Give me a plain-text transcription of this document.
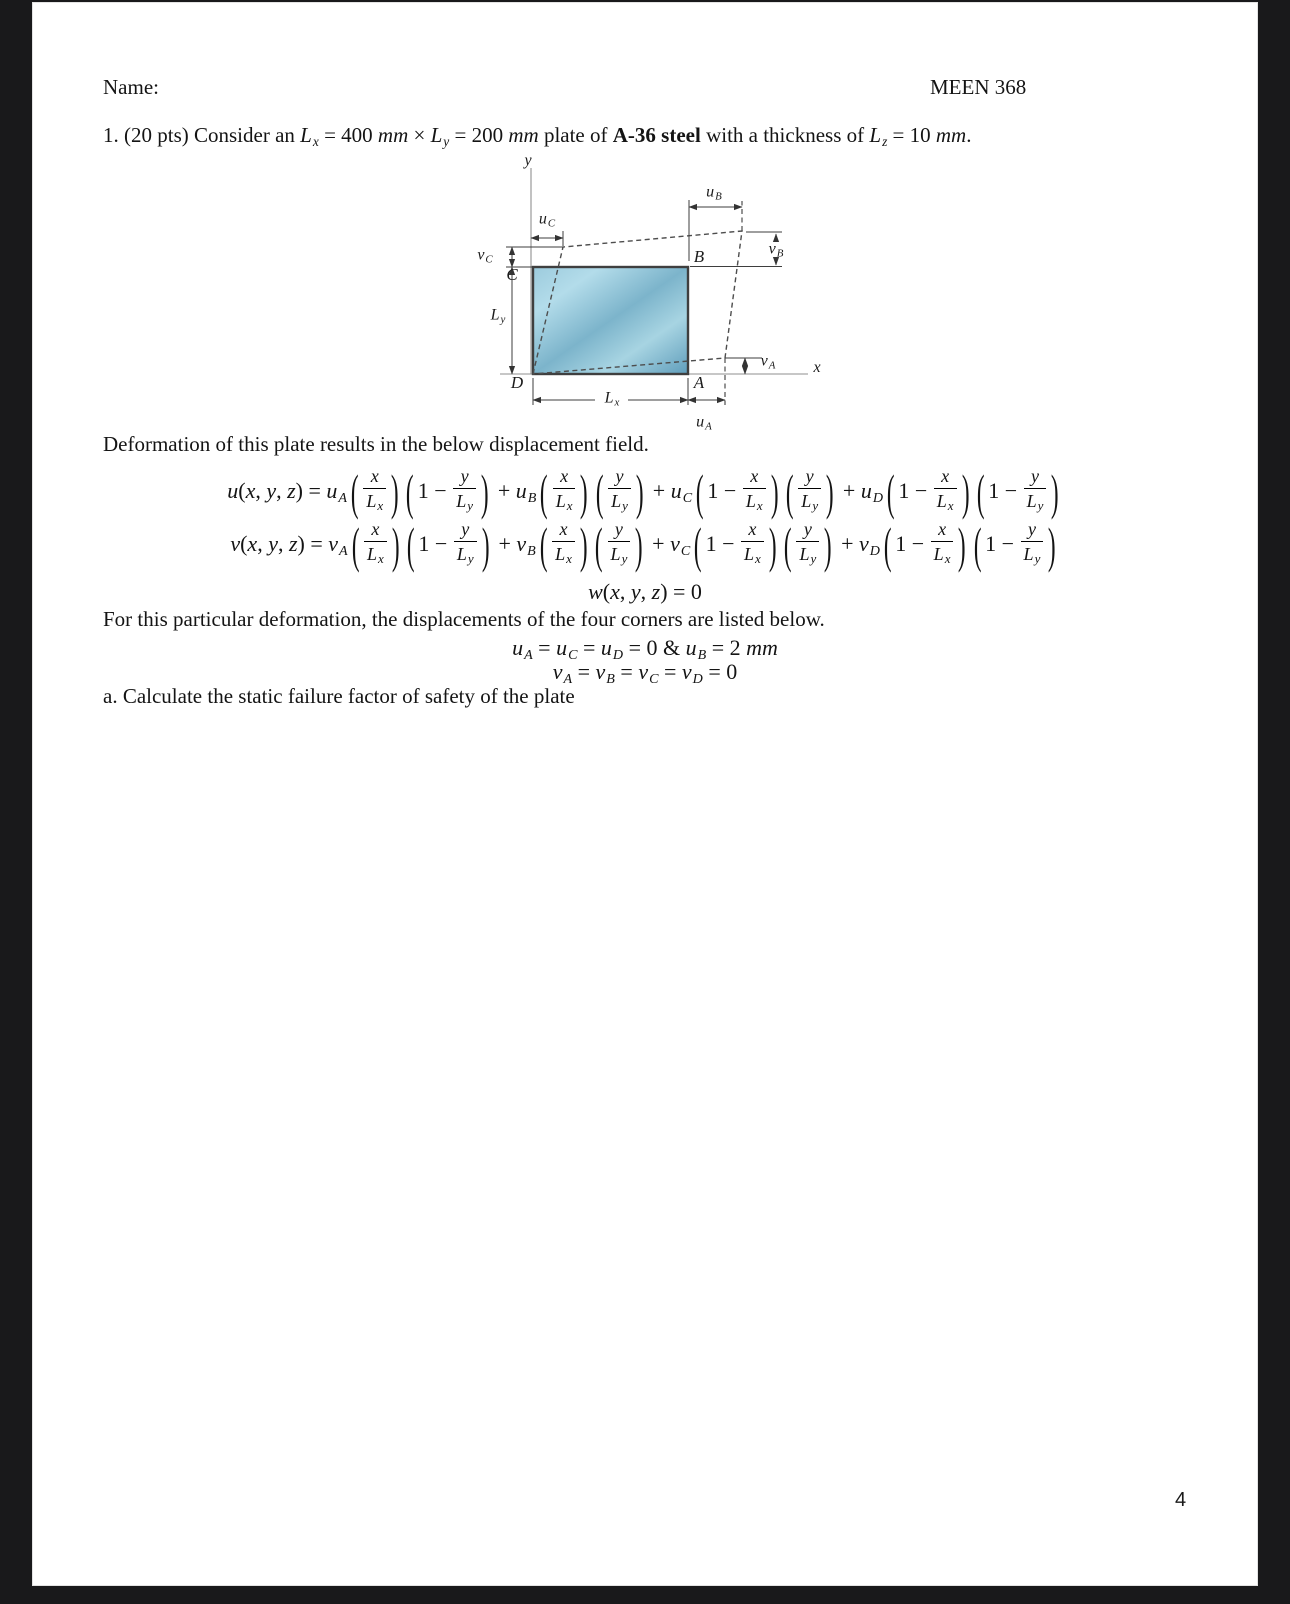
Name:	MEEN 368
1. (20 pts) Consider an Lx = 400 mm × Ly = 200 mm plate of A-36 steel with a thickness of Lz = 10 mm.
y
x
C
B
D	A
$u_C$
$u_B$
$u_A$
$v_C$
$v_B$
$v_A$
$L_y$
$L_x$
Deformation of this plate results in the below displacement field.
u(x, y, z) = uA ( $\frac{x}{L_x}$ ) ( $1 - \frac{y}{L_y}$ ) + uB ( $\frac{x}{L_x}$ ) ( $\frac{y}{L_y}$ ) + uC ( $1 - \frac{x}{L_x}$ ) ( $\frac{y}{L_y}$ ) + uD ( $1 - \frac{x}{L_x}$ ) ( $1 - \frac{y}{L_y}$ )
v(x, y, z) = vA ( $\frac{x}{L_x}$ ) ( $1 - \frac{y}{L_y}$ ) + vB ( $\frac{x}{L_x}$ ) ( $\frac{y}{L_y}$ ) + vC ( $1 - \frac{x}{L_x}$ ) ( $\frac{y}{L_y}$ ) + vD ( $1 - \frac{x}{L_x}$ ) ( $1 - \frac{y}{L_y}$ )
w(x, y, z) = 0
For this particular deformation, the displacements of the four corners are listed below.
uA = uC = uD = 0 & uB = 2 mm
vA = vB = vC = vD = 0
a. Calculate the static failure factor of safety of the plate
4
